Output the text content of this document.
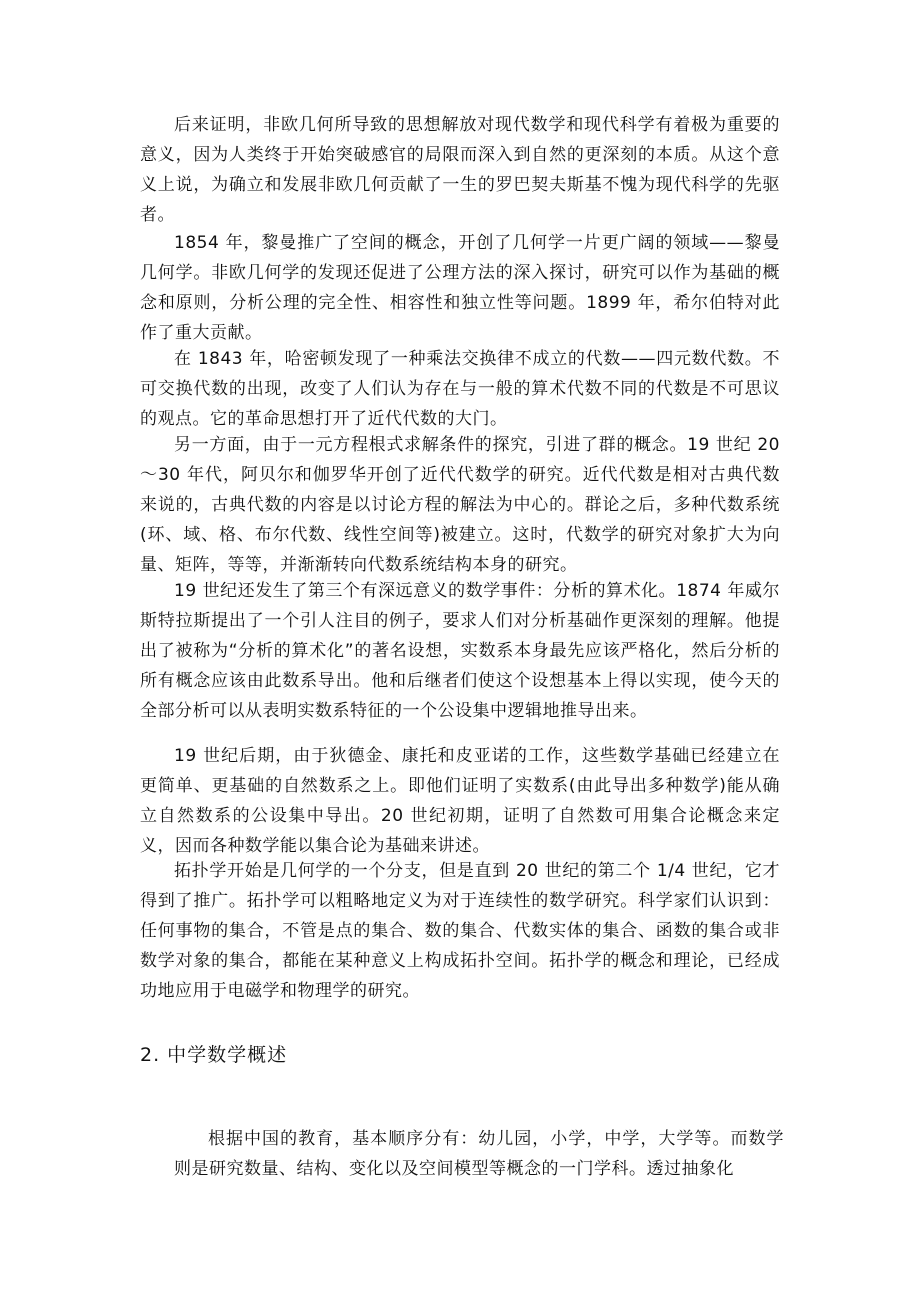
后来证明，非欧几何所导致的思想解放对现代数学和现代科学有着极为重要的意义，因为人类终于开始突破感官的局限而深入到自然的更深刻的本质。从这个意义上说，为确立和发展非欧几何贡献了一生的罗巴契夫斯基不愧为现代科学的先驱者。

1854 年，黎曼推广了空间的概念，开创了几何学一片更广阔的领域——黎曼几何学。非欧几何学的发现还促进了公理方法的深入探讨，研究可以作为基础的概念和原则，分析公理的完全性、相容性和独立性等问题。1899 年，希尔伯特对此作了重大贡献。

在 1843 年，哈密顿发现了一种乘法交换律不成立的代数——四元数代数。不可交换代数的出现，改变了人们认为存在与一般的算术代数不同的代数是不可思议的观点。它的革命思想打开了近代代数的大门。

另一方面，由于一元方程根式求解条件的探究，引进了群的概念。19 世纪 20～30 年代，阿贝尔和伽罗华开创了近代代数学的研究。近代代数是相对古典代数来说的，古典代数的内容是以讨论方程的解法为中心的。群论之后，多种代数系统(环、域、格、布尔代数、线性空间等)被建立。这时，代数学的研究对象扩大为向量、矩阵，等等，并渐渐转向代数系统结构本身的研究。

19 世纪还发生了第三个有深远意义的数学事件：分析的算术化。1874 年威尔斯特拉斯提出了一个引人注目的例子，要求人们对分析基础作更深刻的理解。他提出了被称为“分析的算术化”的著名设想，实数系本身最先应该严格化，然后分析的所有概念应该由此数系导出。他和后继者们使这个设想基本上得以实现，使今天的全部分析可以从表明实数系特征的一个公设集中逻辑地推导出来。

19 世纪后期，由于狄德金、康托和皮亚诺的工作，这些数学基础已经建立在更简单、更基础的自然数系之上。即他们证明了实数系(由此导出多种数学)能从确立自然数系的公设集中导出。20 世纪初期，证明了自然数可用集合论概念来定义，因而各种数学能以集合论为基础来讲述。

拓扑学开始是几何学的一个分支，但是直到 20 世纪的第二个 1/4 世纪，它才得到了推广。拓扑学可以粗略地定义为对于连续性的数学研究。科学家们认识到：任何事物的集合，不管是点的集合、数的集合、代数实体的集合、函数的集合或非数学对象的集合，都能在某种意义上构成拓扑空间。拓扑学的概念和理论，已经成功地应用于电磁学和物理学的研究。

2. 中学数学概述

根据中国的教育，基本顺序分有：幼儿园，小学，中学，大学等。而数学则是研究数量、结构、变化以及空间模型等概念的一门学科。透过抽象化
